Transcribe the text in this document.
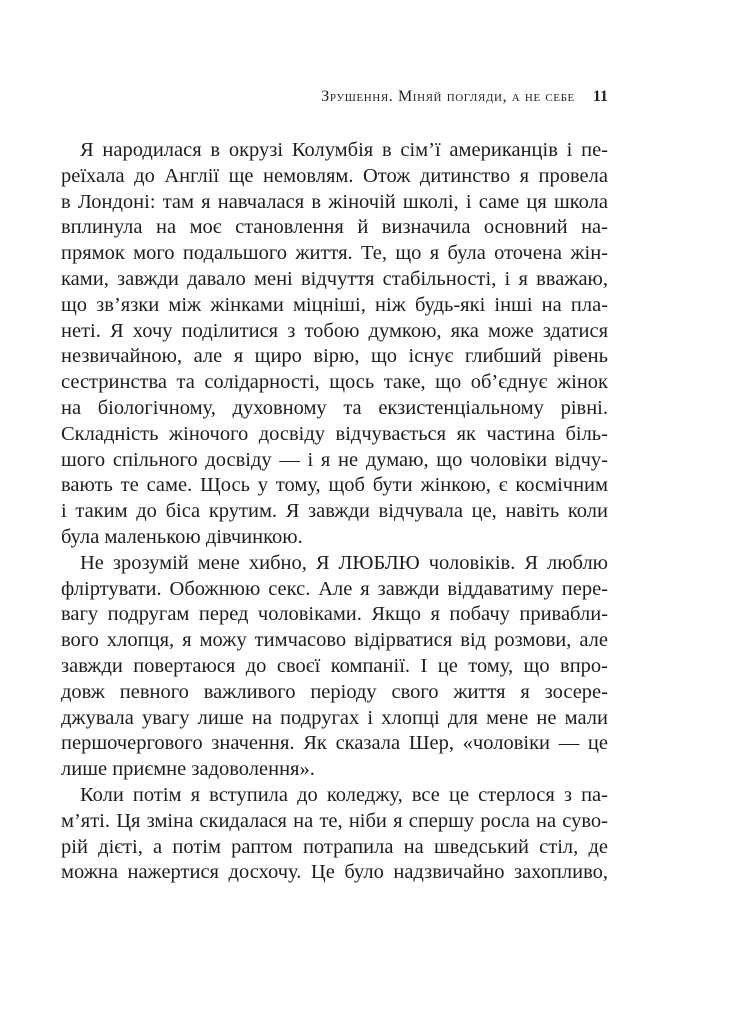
Зрушення. Міняй погляди, а не себе 11
Я народилася в окрузі Колумбія в сім’ї американців і пе-
реїхала до Англії ще немовлям. Отож дитинство я провела
в Лондоні: там я навчалася в жіночій школі, і саме ця школа
вплинула на моє становлення й визначила основний на-
прямок мого подальшого життя. Те, що я була оточена жін-
ками, завжди давало мені відчуття стабільності, і я вважаю,
що зв’язки між жінками міцніші, ніж будь-які інші на пла-
неті. Я хочу поділитися з тобою думкою, яка може здатися
незвичайною, але я щиро вірю, що існує глибший рівень
сестринства та солідарності, щось таке, що об’єднує жінок
на біологічному, духовному та екзистенціальному рівні.
Складність жіночого досвіду відчувається як частина біль-
шого спільного досвіду — і я не думаю, що чоловіки відчу-
вають те саме. Щось у тому, щоб бути жінкою, є космічним
і таким до біса крутим. Я завжди відчувала це, навіть коли
була маленькою дівчинкою.
Не зрозумій мене хибно, Я ЛЮБЛЮ чоловіків. Я люблю
фліртувати. Обожнюю секс. Але я завжди віддаватиму пере-
вагу подругам перед чоловіками. Якщо я побачу привабли-
вого хлопця, я можу тимчасово відірватися від розмови, але
завжди повертаюся до своєї компанії. І це тому, що впро-
довж певного важливого періоду свого життя я зосере-
джувала увагу лише на подругах і хлопці для мене не мали
першочергового значення. Як сказала Шер, «чоловіки — це
лише приємне задоволення».
Коли потім я вступила до коледжу, все це стерлося з па-
м’яті. Ця зміна скидалася на те, ніби я спершу росла на суво-
рій дієті, а потім раптом потрапила на шведський стіл, де
можна нажертися досхочу. Це було надзвичайно захопливо,
